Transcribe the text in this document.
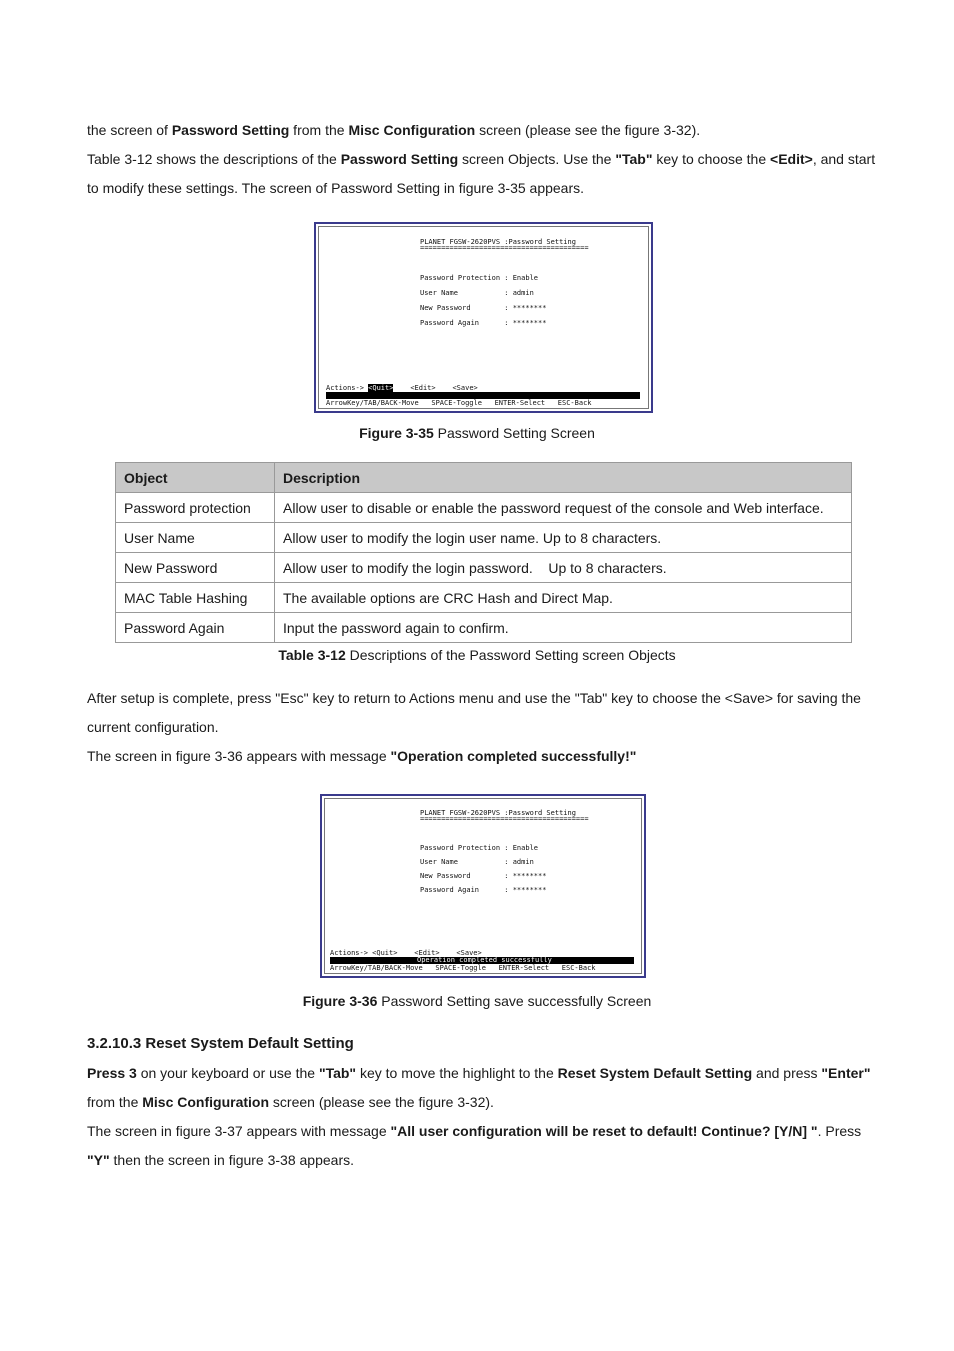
the screen of Password Setting from the Misc Configuration screen (please see the figure 3-32).

Table 3-12 shows the descriptions of the Password Setting screen Objects. Use the "Tab" key to choose the <Edit>, and start to modify these settings. The screen of Password Setting in figure 3-35 appears.

PLANET FGSW-2620PVS :Password Setting
========================================
Password Protection : Enable
User Name           : admin
New Password        : ********
Password Again      : ********
Actions-> <Quit> <Edit> <Save>
ArrowKey/TAB/BACK-Move   SPACE-Toggle   ENTER-Select   ESC-Back
Figure 3-35 Password Setting Screen
Object	Description
Password protection	Allow user to disable or enable the password request of the console and Web interface.
User Name	Allow user to modify the login user name. Up to 8 characters.
New Password	Allow user to modify the login password.    Up to 8 characters.
MAC Table Hashing	The available options are CRC Hash and Direct Map.
Password Again	Input the password again to confirm.
Table 3-12 Descriptions of the Password Setting screen Objects

After setup is complete, press "Esc" key to return to Actions menu and use the "Tab" key to choose the <Save> for saving the current configuration.

The screen in figure 3-36 appears with message "Operation completed successfully!"

PLANET FGSW-2620PVS :Password Setting
========================================
Password Protection : Enable
User Name           : admin
New Password        : ********
Password Again      : ********
Actions-> <Quit>    <Edit>    <Save>
Operation completed successfully
ArrowKey/TAB/BACK-Move   SPACE-Toggle   ENTER-Select   ESC-Back
Figure 3-36 Password Setting save successfully Screen
3.2.10.3 Reset System Default Setting

Press 3 on your keyboard or use the "Tab" key to move the highlight to the Reset System Default Setting and press "Enter" from the Misc Configuration screen (please see the figure 3-32).

The screen in figure 3-37 appears with message "All user configuration will be reset to default! Continue? [Y/N] ". Press "Y" then the screen in figure 3-38 appears.
